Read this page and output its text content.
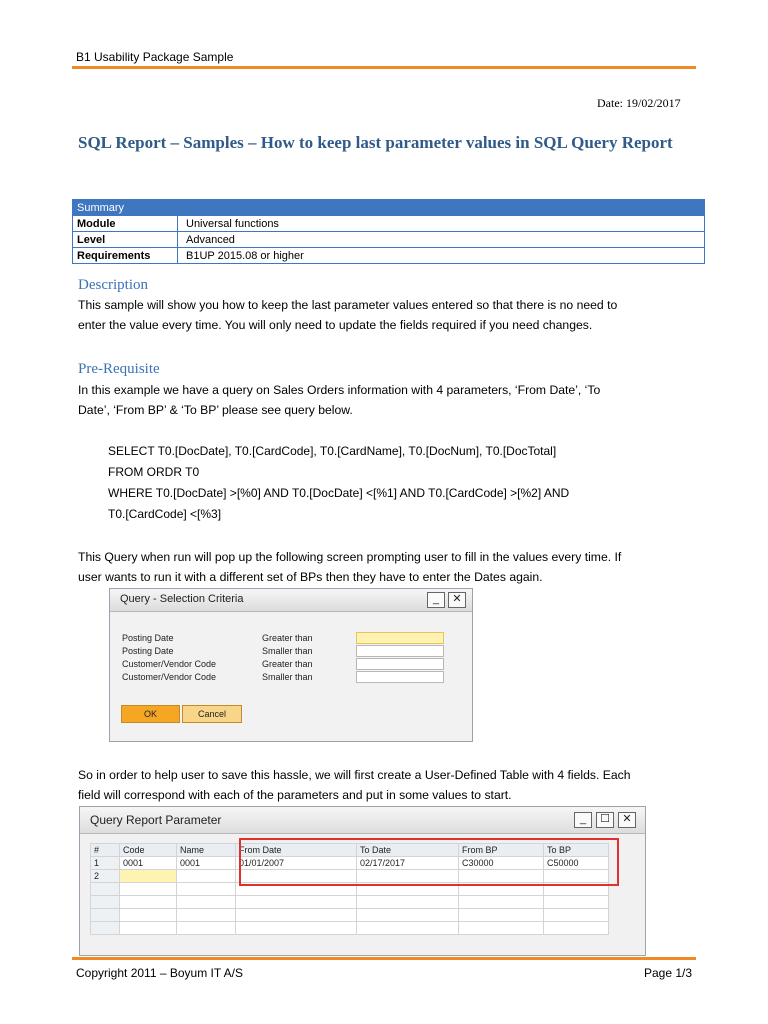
B1 Usability Package Sample
Date: 19/02/2017
SQL Report – Samples – How to keep last parameter values in SQL Query Report
Summary	
Module	Universal functions
Level	Advanced
Requirements	B1UP 2015.08 or higher
Description
This sample will show you how to keep the last parameter values entered so that there is no need to
enter the value every time. You will only need to update the fields required if you need changes.
Pre-Requisite
In this example we have a query on Sales Orders information with 4 parameters, ‘From Date’, ‘To
Date’, ‘From BP’ & ‘To BP’ please see query below.
SELECT T0.[DocDate], T0.[CardCode], T0.[CardName], T0.[DocNum], T0.[DocTotal]
FROM ORDR T0
WHERE T0.[DocDate] >[%0] AND T0.[DocDate] <[%1] AND T0.[CardCode] >[%2] AND
T0.[CardCode] <[%3]
This Query when run will pop up the following screen prompting user to fill in the values every time. If
user wants to run it with a different set of BPs then they have to enter the Dates again.
Query - Selection Criteria	_	✕
Posting Date	Greater than
Posting Date	Smaller than
Customer/Vendor Code	Greater than
Customer/Vendor Code	Smaller than
OK	Cancel
So in order to help user to save this hassle, we will first create a User-Defined Table with 4 fields. Each
field will correspond with each of the parameters and put in some values to start.
Query Report Parameter	_	☐	✕
#	Code	Name	From Date	To Date	From BP	To BP
1	0001	0001	01/01/2007	02/17/2017	C30000	C50000
2						

Copyright 2011 – Boyum IT A/S	Page 1/3
